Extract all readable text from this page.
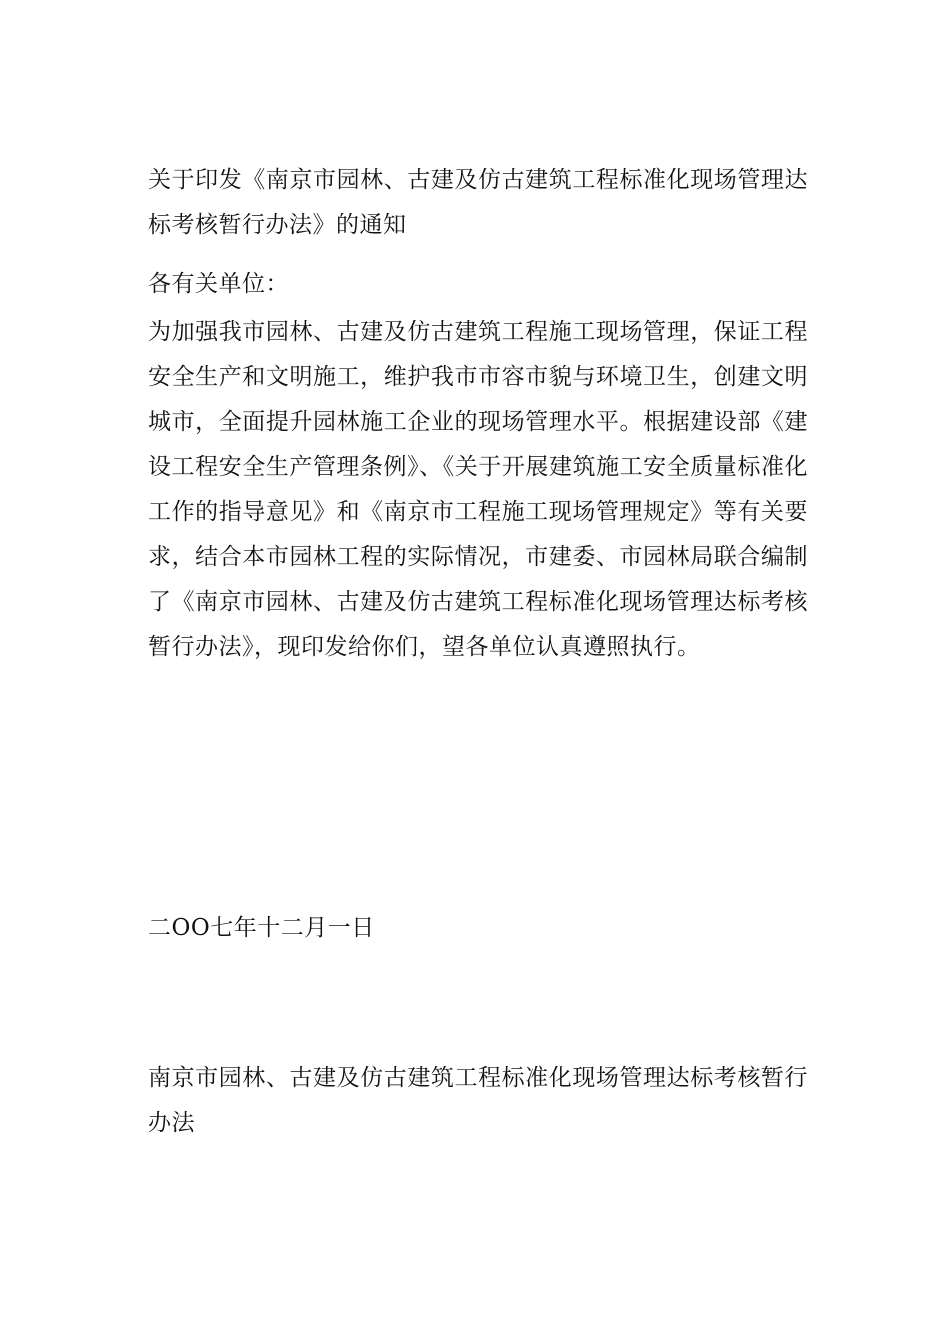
关于印发《南京市园林、古建及仿古建筑工程标准化现场管理达标考核暂行办法》的通知

各有关单位：

为加强我市园林、古建及仿古建筑工程施工现场管理，保证工程安全生产和文明施工，维护我市市容市貌与环境卫生，创建文明城市，全面提升园林施工企业的现场管理水平。根据建设部《建设工程安全生产管理条例》、《关于开展建筑施工安全质量标准化工作的指导意见》和《南京市工程施工现场管理规定》等有关要求，结合本市园林工程的实际情况，市建委、市园林局联合编制了《南京市园林、古建及仿古建筑工程标准化现场管理达标考核暂行办法》，现印发给你们，望各单位认真遵照执行。

二OO七年十二月一日

南京市园林、古建及仿古建筑工程标准化现场管理达标考核暂行办法
